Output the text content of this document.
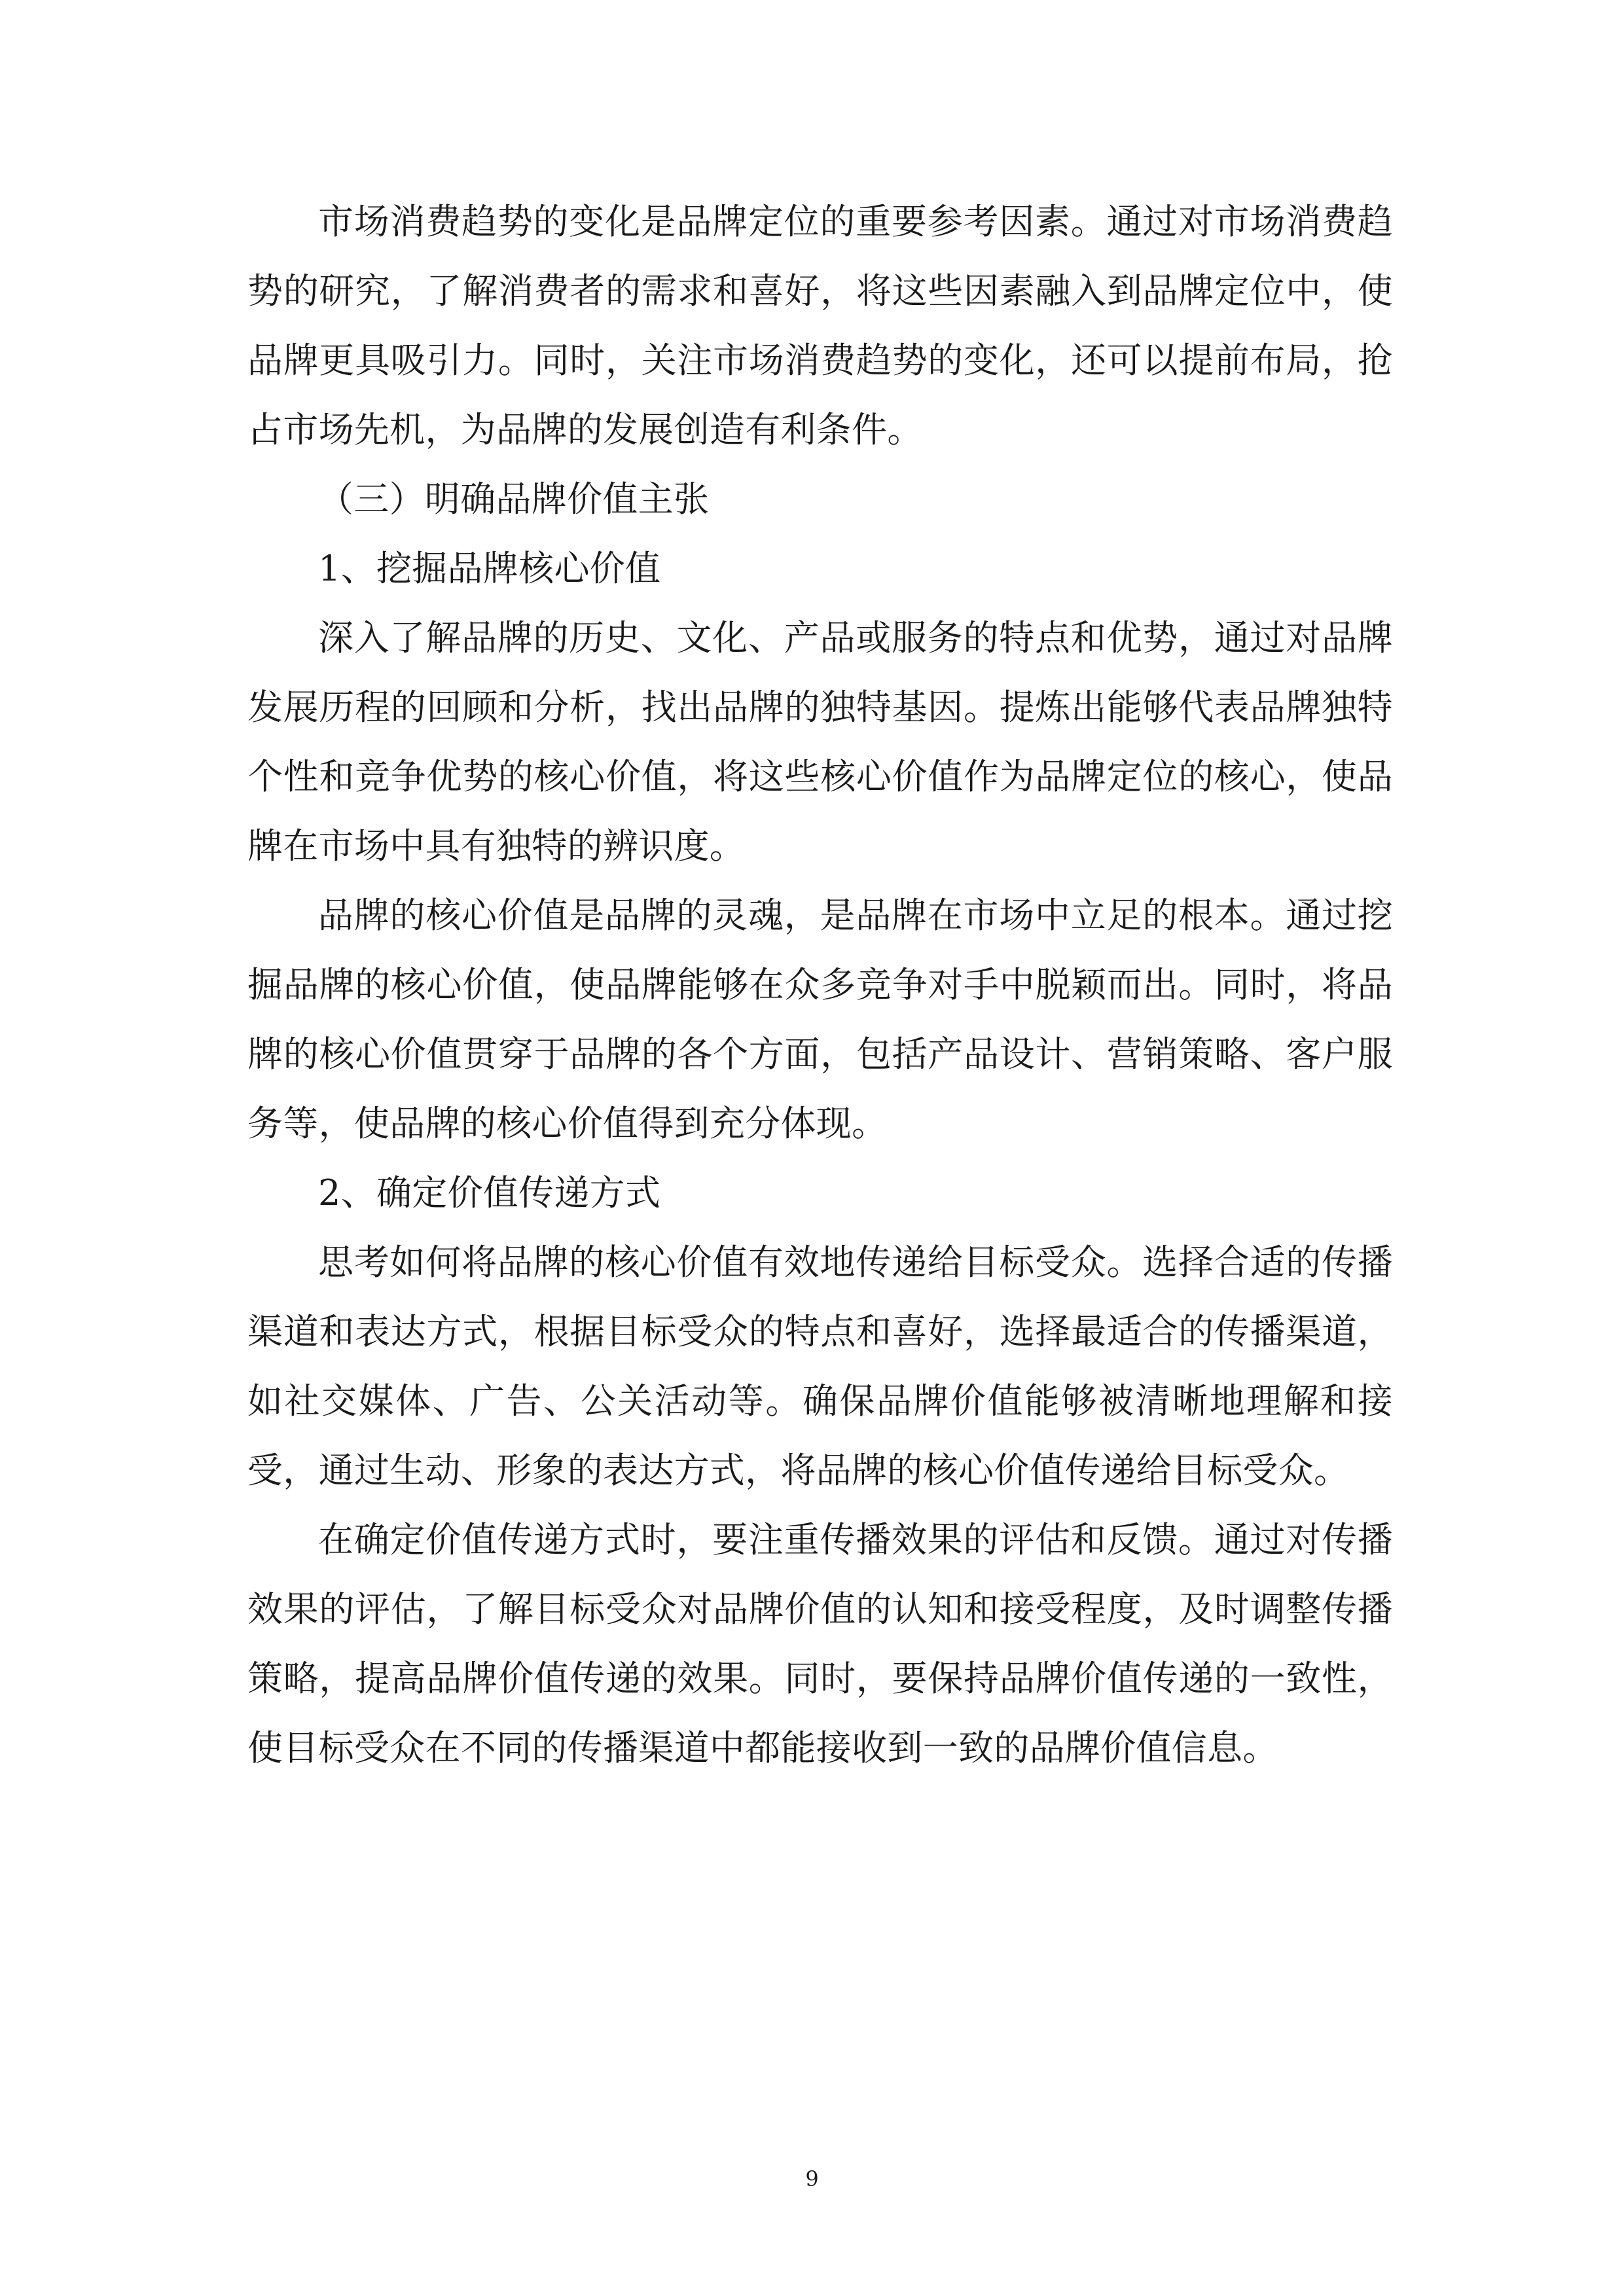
市场消费趋势的变化是品牌定位的重要参考因素。通过对市场消费趋势的研究，了解消费者的需求和喜好，将这些因素融入到品牌定位中，使品牌更具吸引力。同时，关注市场消费趋势的变化，还可以提前布局，抢占市场先机，为品牌的发展创造有利条件。

（三）明确品牌价值主张

1、挖掘品牌核心价值

深入了解品牌的历史、文化、产品或服务的特点和优势，通过对品牌发展历程的回顾和分析，找出品牌的独特基因。提炼出能够代表品牌独特个性和竞争优势的核心价值，将这些核心价值作为品牌定位的核心，使品牌在市场中具有独特的辨识度。

品牌的核心价值是品牌的灵魂，是品牌在市场中立足的根本。通过挖掘品牌的核心价值，使品牌能够在众多竞争对手中脱颖而出。同时，将品牌的核心价值贯穿于品牌的各个方面，包括产品设计、营销策略、客户服务等，使品牌的核心价值得到充分体现。

2、确定价值传递方式

思考如何将品牌的核心价值有效地传递给目标受众。选择合适的传播渠道和表达方式，根据目标受众的特点和喜好，选择最适合的传播渠道，如社交媒体、广告、公关活动等。确保品牌价值能够被清晰地理解和接受，通过生动、形象的表达方式，将品牌的核心价值传递给目标受众。

在确定价值传递方式时，要注重传播效果的评估和反馈。通过对传播效果的评估，了解目标受众对品牌价值的认知和接受程度，及时调整传播策略，提高品牌价值传递的效果。同时，要保持品牌价值传递的一致性，使目标受众在不同的传播渠道中都能接收到一致的品牌价值信息。

9
